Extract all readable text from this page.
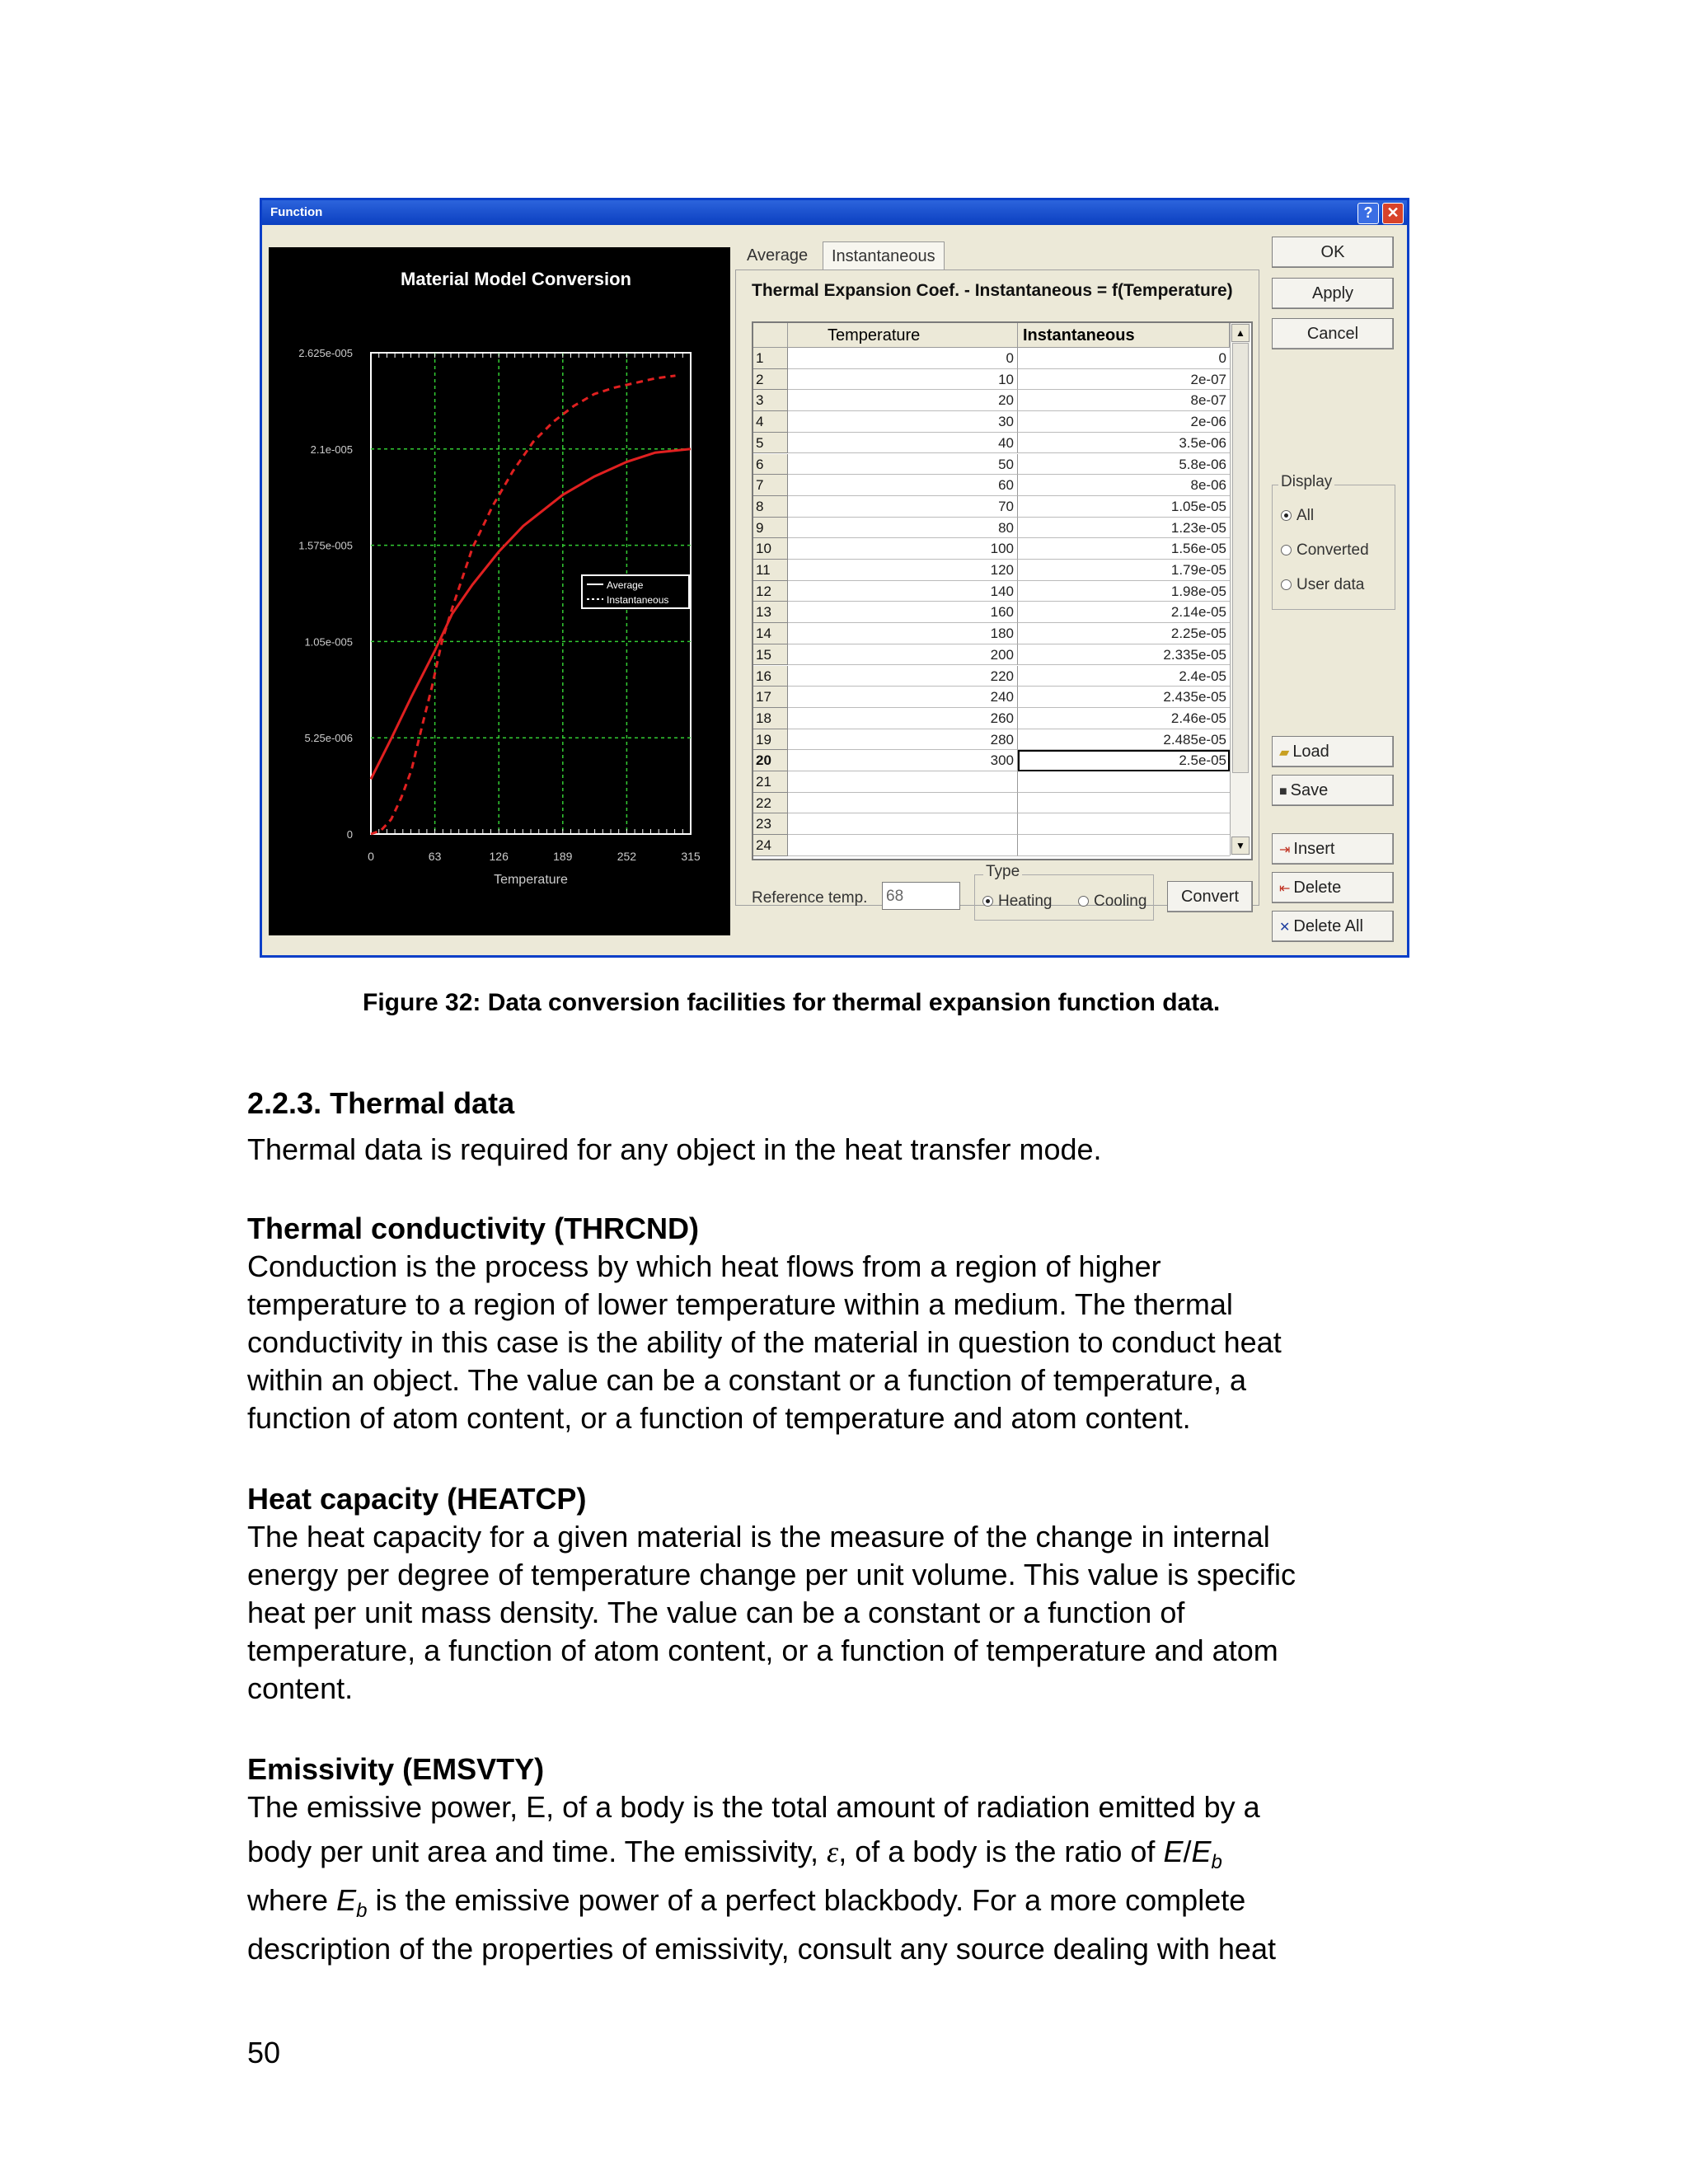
Function	? ✕
Material Model Conversion
0	63	126	189	252	315
0
5.25e-006
1.05e-005
1.575e-005
2.1e-005
2.625e-005
Temperature
Average
Instantaneous
Average	Instantaneous
Thermal Expansion Coef. - Instantaneous = f(Temperature)
Temperature	Instantaneous
1	0	0
2	10	2e-07
3	20	8e-07
4	30	2e-06
5	40	3.5e-06
6	50	5.8e-06
7	60	8e-06
8	70	1.05e-05
9	80	1.23e-05
10	100	1.56e-05
11	120	1.79e-05
12	140	1.98e-05
13	160	2.14e-05
14	180	2.25e-05
15	200	2.335e-05
16	220	2.4e-05
17	240	2.435e-05
18	260	2.46e-05
19	280	2.485e-05
20	300	2.5e-05
21
22
23
24
▲
▼
Reference temp. 68
Type
Heating	Cooling	Convert
OK
Apply
Cancel
Display
All
Converted
User data
▰ Load
■ Save
⇥ Insert
⇤ Delete
✕ Delete All
Figure 32: Data conversion facilities for thermal expansion function data.
2.2.3. Thermal data
Thermal data is required for any object in the heat transfer mode.
Thermal conductivity (THRCND)
Conduction is the process by which heat flows from a region of higher
temperature to a region of lower temperature within a medium. The thermal
conductivity in this case is the ability of the material in question to conduct heat
within an object. The value can be a constant or a function of temperature, a
function of atom content, or a function of temperature and atom content.
Heat capacity (HEATCP)
The heat capacity for a given material is the measure of the change in internal
energy per degree of temperature change per unit volume. This value is specific
heat per unit mass density. The value can be a constant or a function of
temperature, a function of atom content, or a function of temperature and atom
content.
Emissivity (EMSVTY)
The emissive power, E, of a body is the total amount of radiation emitted by a
body per unit area and time. The emissivity, ε, of a body is the ratio of $E/E_b$
where $E_b$ is the emissive power of a perfect blackbody. For a more complete
description of the properties of emissivity, consult any source dealing with heat
50
